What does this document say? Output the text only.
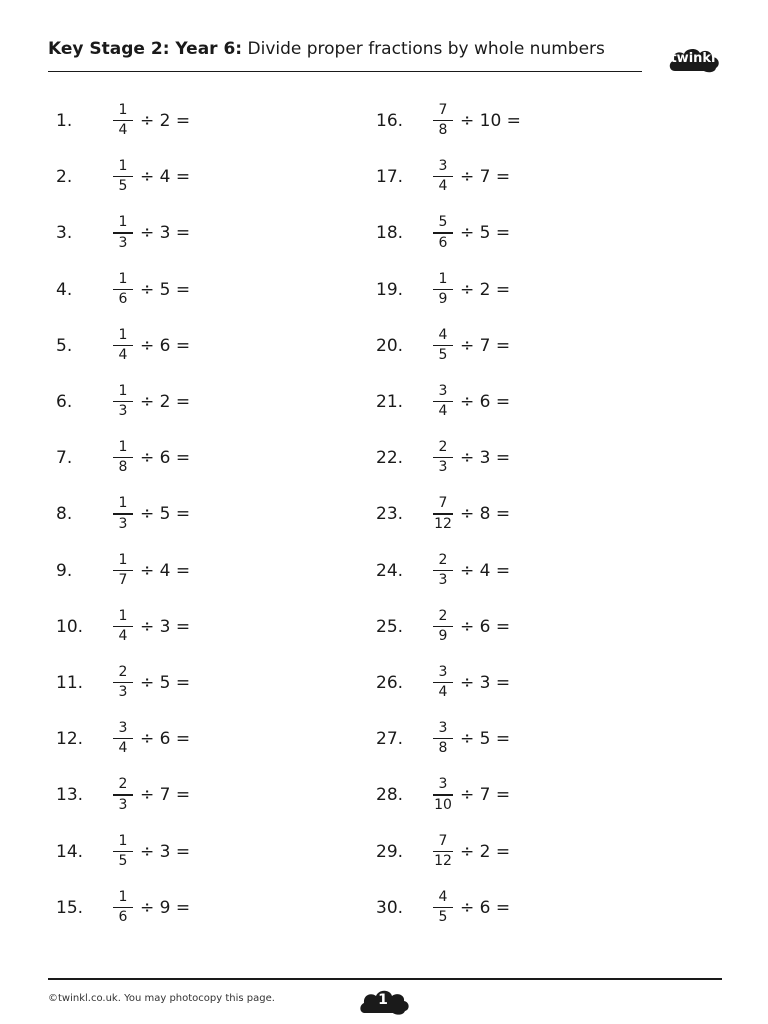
Key Stage 2: Year 6: Divide proper fractions by whole numbers	twinkl
1.
1
4 ÷ 2 =
2.
1
5 ÷ 4 =
3.
1
3 ÷ 3 =
4.
1
6 ÷ 5 =
5.
1
4 ÷ 6 =
6.
1
3 ÷ 2 =
7.
1
8 ÷ 6 =
8.
1
3 ÷ 5 =
9.
1
7 ÷ 4 =
10.
1
4 ÷ 3 =
11.
2
3 ÷ 5 =
12.
3
4 ÷ 6 =
13.
2
3 ÷ 7 =
14.
1
5 ÷ 3 =
15.
1
6 ÷ 9 =
16.
7
8 ÷ 10 =
17.
3
4 ÷ 7 =
18.
5
6 ÷ 5 =
19.
1
9 ÷ 2 =
20.
4
5 ÷ 7 =
21.
3
4 ÷ 6 =
22.
2
3 ÷ 3 =
23.
7
12 ÷ 8 =
24.
2
3 ÷ 4 =
25.
2
9 ÷ 6 =
26.
3
4 ÷ 3 =
27.
3
8 ÷ 5 =
28.
3
10 ÷ 7 =
29.
7
12 ÷ 2 =
30.
4
5 ÷ 6 =
©twinkl.co.uk. You may photocopy this page.	1
